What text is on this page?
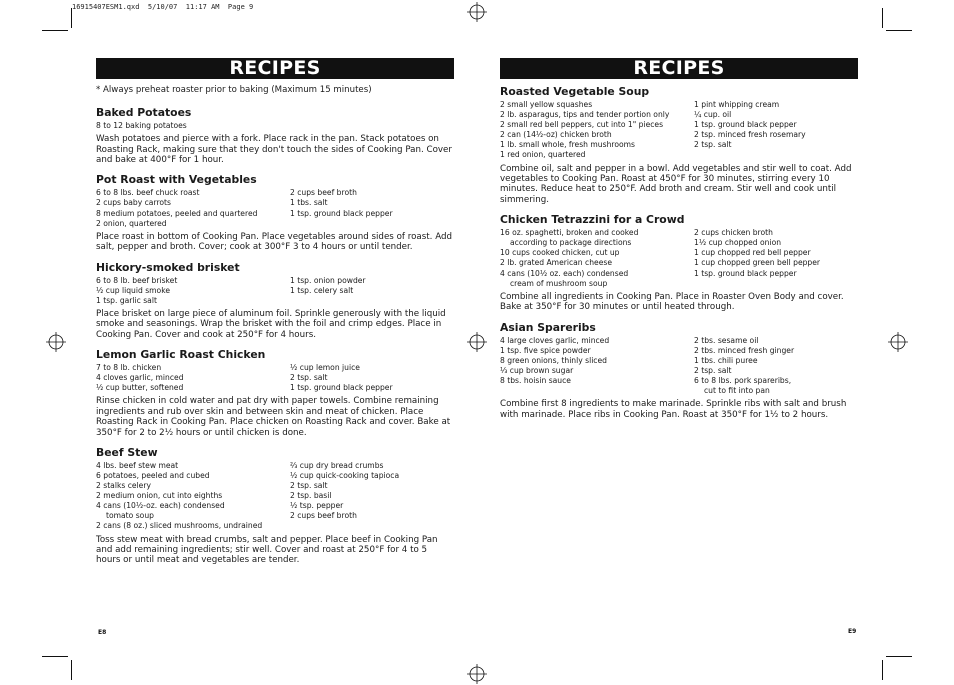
16915407ESM1.qxd  5/10/07  11:17 AM  Page 9
RECIPES
* Always preheat roaster prior to baking (Maximum 15 minutes)
Baked Potatoes
8 to 12 baking potatoes
Wash potatoes and pierce with a fork. Place rack in the pan. Stack potatoes on Roasting Rack, making sure that they don't touch the sides of Cooking Pan. Cover and bake at 400°F for 1 hour.
Pot Roast with Vegetables
6 to 8 lbs. beef chuck roast	2 cups beef broth
2 cups baby carrots	1 tbs. salt
8 medium potatoes, peeled and quartered	1 tsp. ground black pepper
2 onion, quartered
Place roast in bottom of Cooking Pan. Place vegetables around sides of roast. Add salt, pepper and broth. Cover; cook at 300°F 3 to 4 hours or until tender.
Hickory-smoked brisket
6 to 8 lb. beef brisket	1 tsp. onion powder
½ cup liquid smoke	1 tsp. celery salt
1 tsp. garlic salt
Place brisket on large piece of aluminum foil. Sprinkle generously with the liquid smoke and seasonings. Wrap the brisket with the foil and crimp edges. Place in Cooking Pan. Cover and cook at 250°F for 4 hours.
Lemon Garlic Roast Chicken
7 to 8 lb. chicken	½ cup lemon juice
4 cloves garlic, minced	2 tsp. salt
½ cup butter, softened	1 tsp. ground black pepper
Rinse chicken in cold water and pat dry with paper towels. Combine remaining ingredients and rub over skin and between skin and meat of chicken. Place Roasting Rack in Cooking Pan. Place chicken on Roasting Rack and cover. Bake at 350°F for 2 to 2½ hours or until chicken is done.
Beef Stew
4 lbs. beef stew meat	⅔ cup dry bread crumbs
6 potatoes, peeled and cubed	½ cup quick-cooking tapioca
2 stalks celery	2 tsp. salt
2 medium onion, cut into eighths	2 tsp. basil
4 cans (10½-oz. each) condensed	½ tsp. pepper
tomato soup	2 cups beef broth
2 cans (8 oz.) sliced mushrooms, undrained
Toss stew meat with bread crumbs, salt and pepper. Place beef in Cooking Pan and add remaining ingredients; stir well. Cover and roast at 250°F for 4 to 5 hours or until meat and vegetables are tender.
E8
RECIPES
Roasted Vegetable Soup
2 small yellow squashes	1 pint whipping cream
2 lb. asparagus, tips and tender portion only	¼ cup. oil
2 small red bell peppers, cut into 1" pieces	1 tsp. ground black pepper
2 can (14½-oz) chicken broth	2 tsp. minced fresh rosemary
1 lb. small whole, fresh mushrooms	2 tsp. salt
1 red onion, quartered
Combine oil, salt and pepper in a bowl. Add vegetables and stir well to coat. Add vegetables to Cooking Pan. Roast at 450°F for 30 minutes, stirring every 10 minutes. Reduce heat to 250°F. Add broth and cream. Stir well and cook until simmering.
Chicken Tetrazzini for a Crowd
16 oz. spaghetti, broken and cooked	2 cups chicken broth
according to package directions	1½ cup chopped onion
10 cups cooked chicken, cut up	1 cup chopped red bell pepper
2 lb. grated American cheese	1 cup chopped green bell pepper
4 cans (10½ oz. each) condensed	1 tsp. ground black pepper
cream of mushroom soup
Combine all ingredients in Cooking Pan. Place in Roaster Oven Body and cover. Bake at 350°F for 30 minutes or until heated through.
Asian Spareribs
4 large cloves garlic, minced	2 tbs. sesame oil
1 tsp. five spice powder	2 tbs. minced fresh ginger
8 green onions, thinly sliced	1 tbs. chili puree
⅓ cup brown sugar	2 tsp. salt
8 tbs. hoisin sauce	6 to 8 lbs. pork spareribs,
cut to fit into pan
Combine first 8 ingredients to make marinade. Sprinkle ribs with salt and brush with marinade. Place ribs in Cooking Pan. Roast at 350°F for 1½ to 2 hours.
E9
